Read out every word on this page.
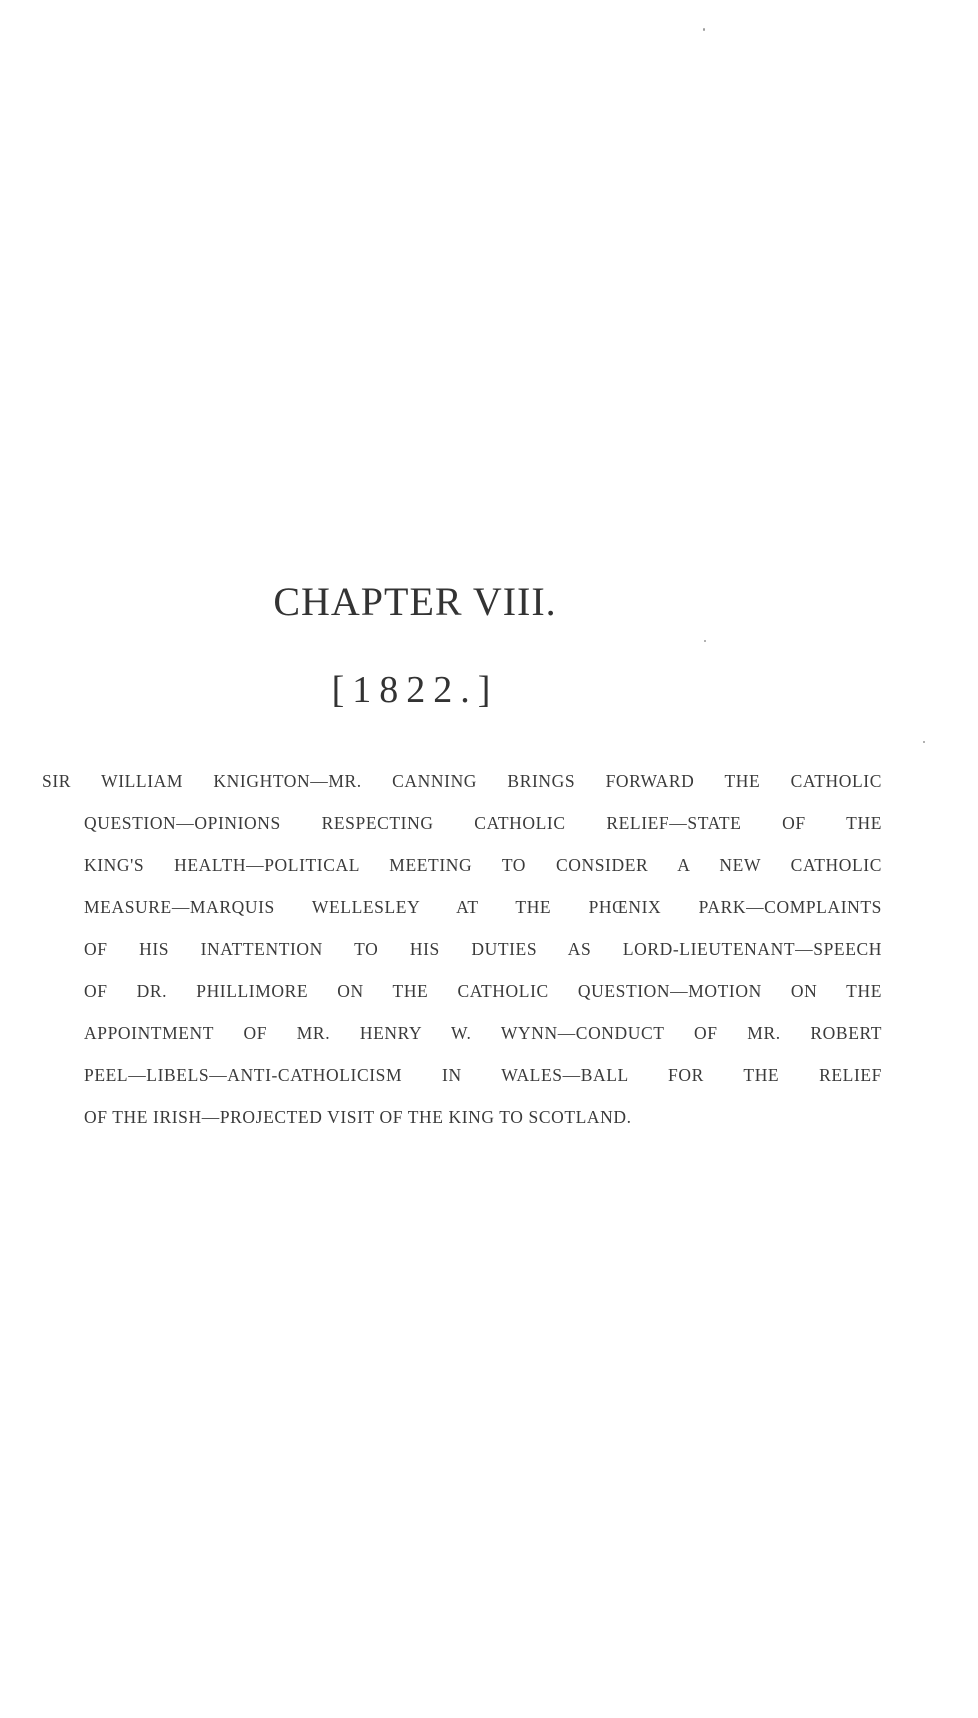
CHAPTER VIII.
[1822.]
SIR WILLIAM KNIGHTON—MR. CANNING BRINGS FORWARD THE CATHOLIC
QUESTION—OPINIONS RESPECTING CATHOLIC RELIEF—STATE OF THE
KING'S HEALTH—POLITICAL MEETING TO CONSIDER A NEW CATHOLIC
MEASURE—MARQUIS WELLESLEY AT THE PHŒNIX PARK—COMPLAINTS
OF HIS INATTENTION TO HIS DUTIES AS LORD-LIEUTENANT—SPEECH
OF DR. PHILLIMORE ON THE CATHOLIC QUESTION—MOTION ON THE
APPOINTMENT OF MR. HENRY W. WYNN—CONDUCT OF MR. ROBERT
PEEL—LIBELS—ANTI-CATHOLICISM IN WALES—BALL FOR THE RELIEF
OF THE IRISH—PROJECTED VISIT OF THE KING TO SCOTLAND.
